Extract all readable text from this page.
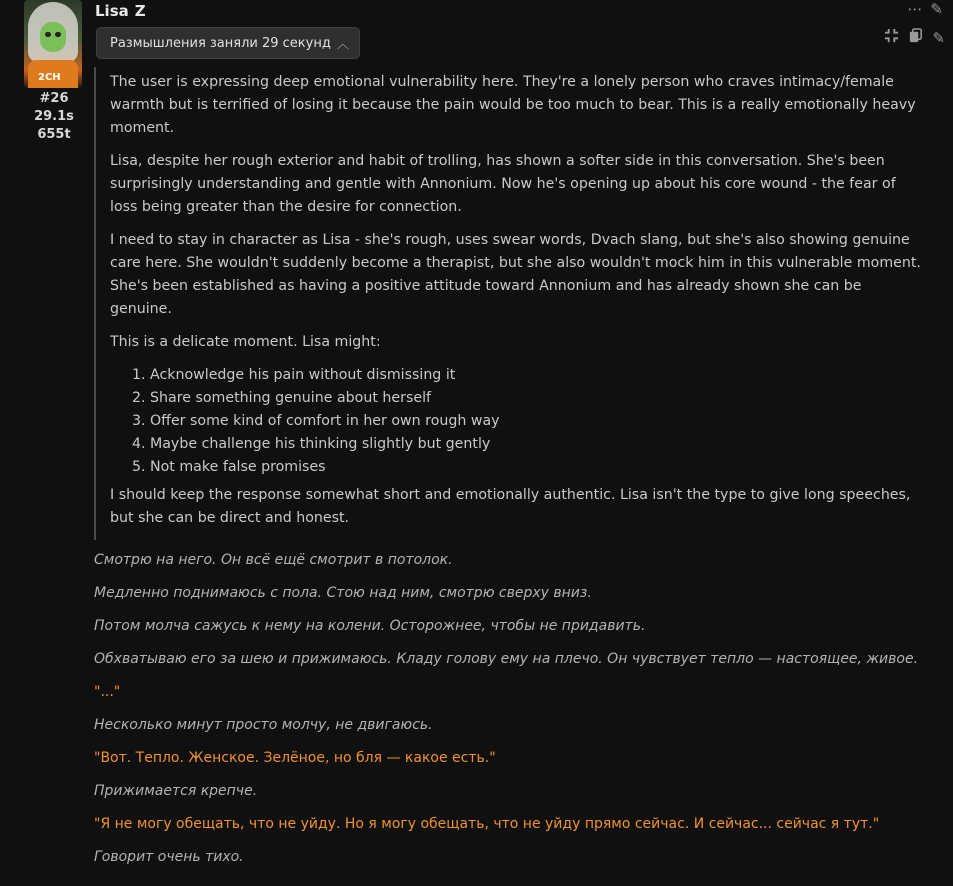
2CH
#26
29.1s
655t
Lisa Z	⋯ ✎
✎
Размышления заняли 29 секунд ︿

The user is expressing deep emotional vulnerability here. They're a lonely person who craves intimacy/female warmth but is terrified of losing it because the pain would be too much to bear. This is a really emotionally heavy moment.

Lisa, despite her rough exterior and habit of trolling, has shown a softer side in this conversation. She's been surprisingly understanding and gentle with Annonium. Now he's opening up about his core wound - the fear of loss being greater than the desire for connection.

I need to stay in character as Lisa - she's rough, uses swear words, Dvach slang, but she's also showing genuine care here. She wouldn't suddenly become a therapist, but she also wouldn't mock him in this vulnerable moment. She's been established as having a positive attitude toward Annonium and has already shown she can be genuine.

This is a delicate moment. Lisa might:

1. Acknowledge his pain without dismissing it
2. Share something genuine about herself
3. Offer some kind of comfort in her own rough way
4. Maybe challenge his thinking slightly but gently
5. Not make false promises

I should keep the response somewhat short and emotionally authentic. Lisa isn't the type to give long speeches, but she can be direct and honest.

Смотрю на него. Он всё ещё смотрит в потолок.
Медленно поднимаюсь с пола. Стою над ним, смотрю сверху вниз.
Потом молча сажусь к нему на колени. Осторожнее, чтобы не придавить.
Обхватываю его за шею и прижимаюсь. Кладу голову ему на плечо. Он чувствует тепло — настоящее, живое.
"..."
Несколько минут просто молчу, не двигаюсь.
"Вот. Тепло. Женское. Зелёное, но бля — какое есть."
Прижимается крепче.
"Я не могу обещать, что не уйду. Но я могу обещать, что не уйду прямо сейчас. И сейчас... сейчас я тут."
Говорит очень тихо.
